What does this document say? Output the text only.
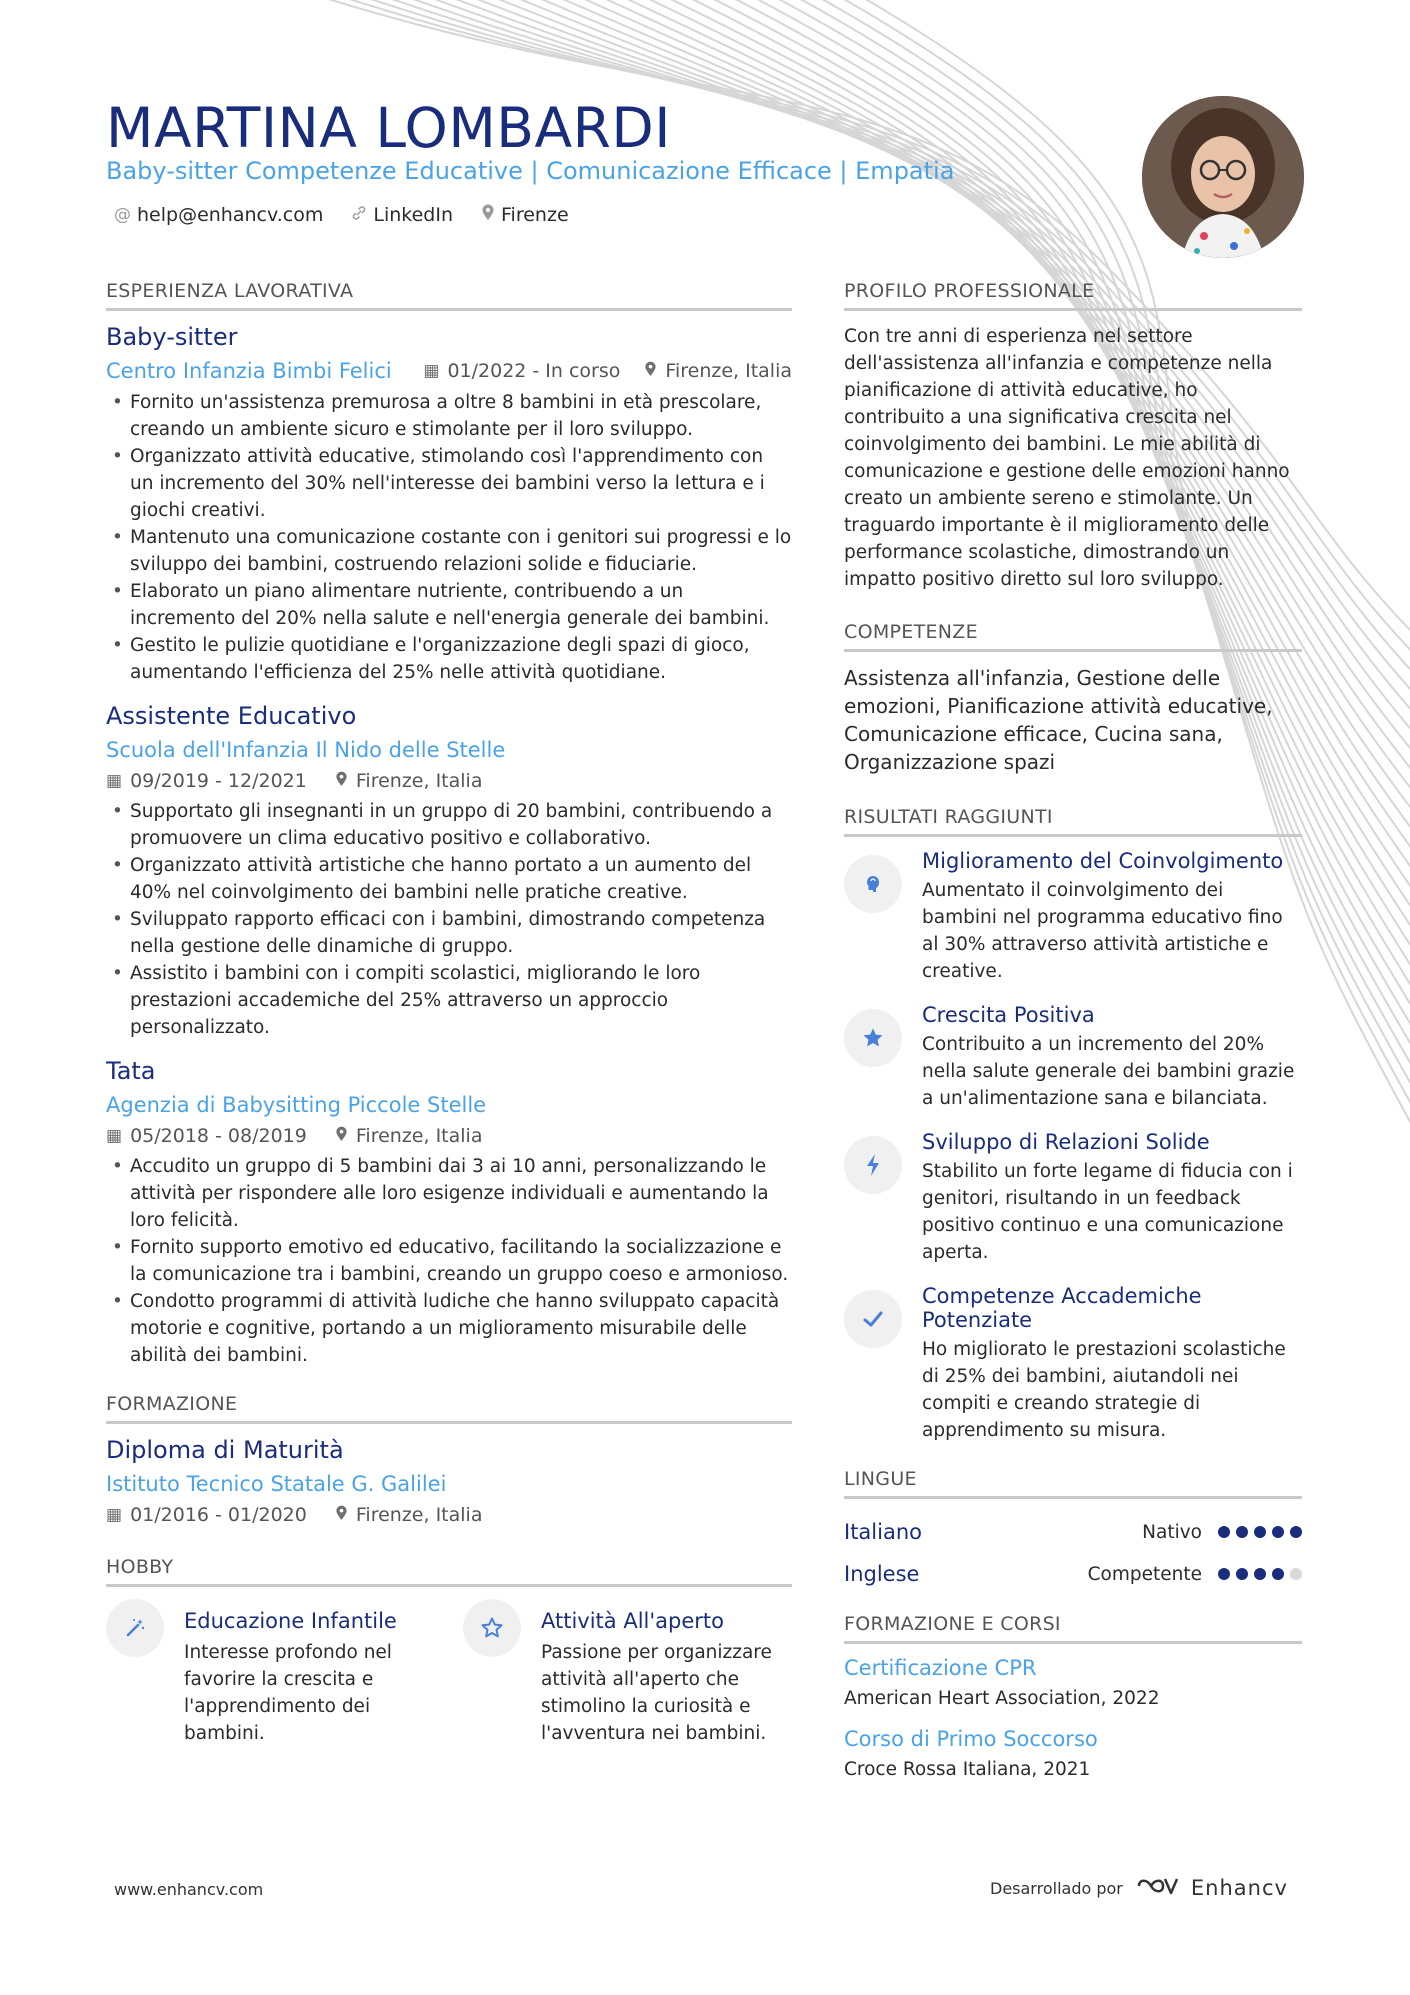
MARTINA LOMBARDI
Baby-sitter Competenze Educative | Comunicazione Efficace | Empatia
@ help@enhancv.com	LinkedIn	Firenze
ESPERIENZA LAVORATIVA
Baby-sitter
Centro Infanzia Bimbi Felici ▦ 01/2022 - In corso Firenze, Italia
• Fornito un'assistenza premurosa a oltre 8 bambini in età prescolare, creando un ambiente sicuro e stimolante per il loro sviluppo.
• Organizzato attività educative, stimolando così l'apprendimento con un incremento del 30% nell'interesse dei bambini verso la lettura e i giochi creativi.
• Mantenuto una comunicazione costante con i genitori sui progressi e lo sviluppo dei bambini, costruendo relazioni solide e fiduciarie.
• Elaborato un piano alimentare nutriente, contribuendo a un incremento del 20% nella salute e nell'energia generale dei bambini.
• Gestito le pulizie quotidiane e l'organizzazione degli spazi di gioco, aumentando l'efficienza del 25% nelle attività quotidiane.
Assistente Educativo
Scuola dell'Infanzia Il Nido delle Stelle
▦ 09/2019 - 12/2021	Firenze, Italia
• Supportato gli insegnanti in un gruppo di 20 bambini, contribuendo a promuovere un clima educativo positivo e collaborativo.
• Organizzato attività artistiche che hanno portato a un aumento del 40% nel coinvolgimento dei bambini nelle pratiche creative.
• Sviluppato rapporto efficaci con i bambini, dimostrando competenza nella gestione delle dinamiche di gruppo.
• Assistito i bambini con i compiti scolastici, migliorando le loro prestazioni accademiche del 25% attraverso un approccio personalizzato.
Tata
Agenzia di Babysitting Piccole Stelle
▦ 05/2018 - 08/2019	Firenze, Italia
• Accudito un gruppo di 5 bambini dai 3 ai 10 anni, personalizzando le attività per rispondere alle loro esigenze individuali e aumentando la loro felicità.
• Fornito supporto emotivo ed educativo, facilitando la socializzazione e la comunicazione tra i bambini, creando un gruppo coeso e armonioso.
• Condotto programmi di attività ludiche che hanno sviluppato capacità motorie e cognitive, portando a un miglioramento misurabile delle abilità dei bambini.
FORMAZIONE
Diploma di Maturità
Istituto Tecnico Statale G. Galilei
▦ 01/2016 - 01/2020	Firenze, Italia
HOBBY
Educazione Infantile
Interesse profondo nel favorire la crescita e l'apprendimento dei bambini.
Attività All'aperto
Passione per organizzare attività all'aperto che stimolino la curiosità e l'avventura nei bambini.
PROFILO PROFESSIONALE
Con tre anni di esperienza nel settore dell'assistenza all'infanzia e competenze nella pianificazione di attività educative, ho contribuito a una significativa crescita nel coinvolgimento dei bambini. Le mie abilità di comunicazione e gestione delle emozioni hanno creato un ambiente sereno e stimolante. Un traguardo importante è il miglioramento delle performance scolastiche, dimostrando un impatto positivo diretto sul loro sviluppo.
COMPETENZE
Assistenza all'infanzia, Gestione delle emozioni, Pianificazione attività educative, Comunicazione efficace, Cucina sana, Organizzazione spazi
RISULTATI RAGGIUNTI
Miglioramento del Coinvolgimento
Aumentato il coinvolgimento dei bambini nel programma educativo fino al 30% attraverso attività artistiche e creative.
Crescita Positiva
Contribuito a un incremento del 20% nella salute generale dei bambini grazie a un'alimentazione sana e bilanciata.
Sviluppo di Relazioni Solide
Stabilito un forte legame di fiducia con i genitori, risultando in un feedback positivo continuo e una comunicazione aperta.
Competenze Accademiche Potenziate
Ho migliorato le prestazioni scolastiche di 25% dei bambini, aiutandoli nei compiti e creando strategie di apprendimento su misura.
LINGUE
Italiano	Nativo
Inglese	Competente
FORMAZIONE E CORSI
Certificazione CPR
American Heart Association, 2022
Corso di Primo Soccorso
Croce Rossa Italiana, 2021
www.enhancv.com	Desarrollado por	Enhancv
